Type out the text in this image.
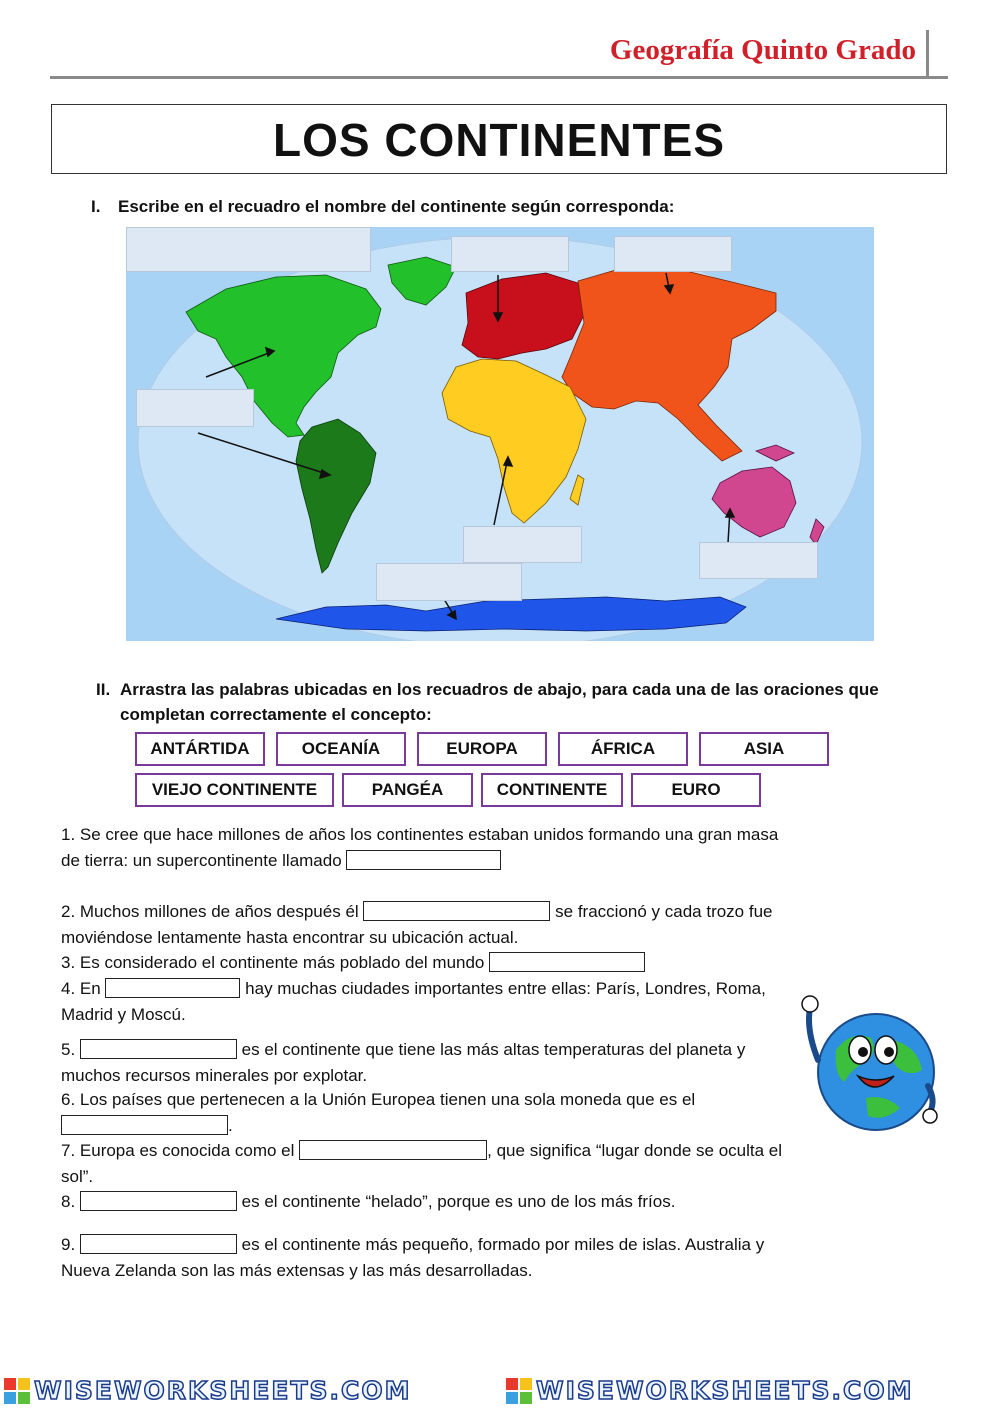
Geografía Quinto Grado
LOS CONTINENTES
I. Escribe en el recuadro el nombre del continente según corresponda:
II. Arrastra las palabras ubicadas en los recuadros de abajo, para cada una de las oraciones que
completan correctamente el concepto:
ANTÁRTIDA	OCEANÍA	EUROPA	ÁFRICA	ASIA
VIEJO CONTINENTE	PANGÉA	CONTINENTE	EURO
1. Se cree que hace millones de años los continentes estaban unidos formando una gran masa
de tierra: un supercontinente llamado
2. Muchos millones de años después él	se fraccionó y cada trozo fue
moviéndose lentamente hasta encontrar su ubicación actual.
3. Es considerado el continente más poblado del mundo
4. En	hay muchas ciudades importantes entre ellas: París, Londres, Roma,
Madrid y Moscú.
5.	es el continente que tiene las más altas temperaturas del planeta y
muchos recursos minerales por explotar.
6. Los países que pertenecen a la Unión Europea tienen una sola moneda que es el
.
7. Europa es conocida como el	, que significa “lugar donde se oculta el
sol”.
8.	es el continente “helado”, porque es uno de los más fríos.
9.	es el continente más pequeño, formado por miles de islas. Australia y
Nueva Zelanda son las más extensas y las más desarrolladas.
WISEWORKSHEETS.COM	WISEWORKSHEETS.COM
